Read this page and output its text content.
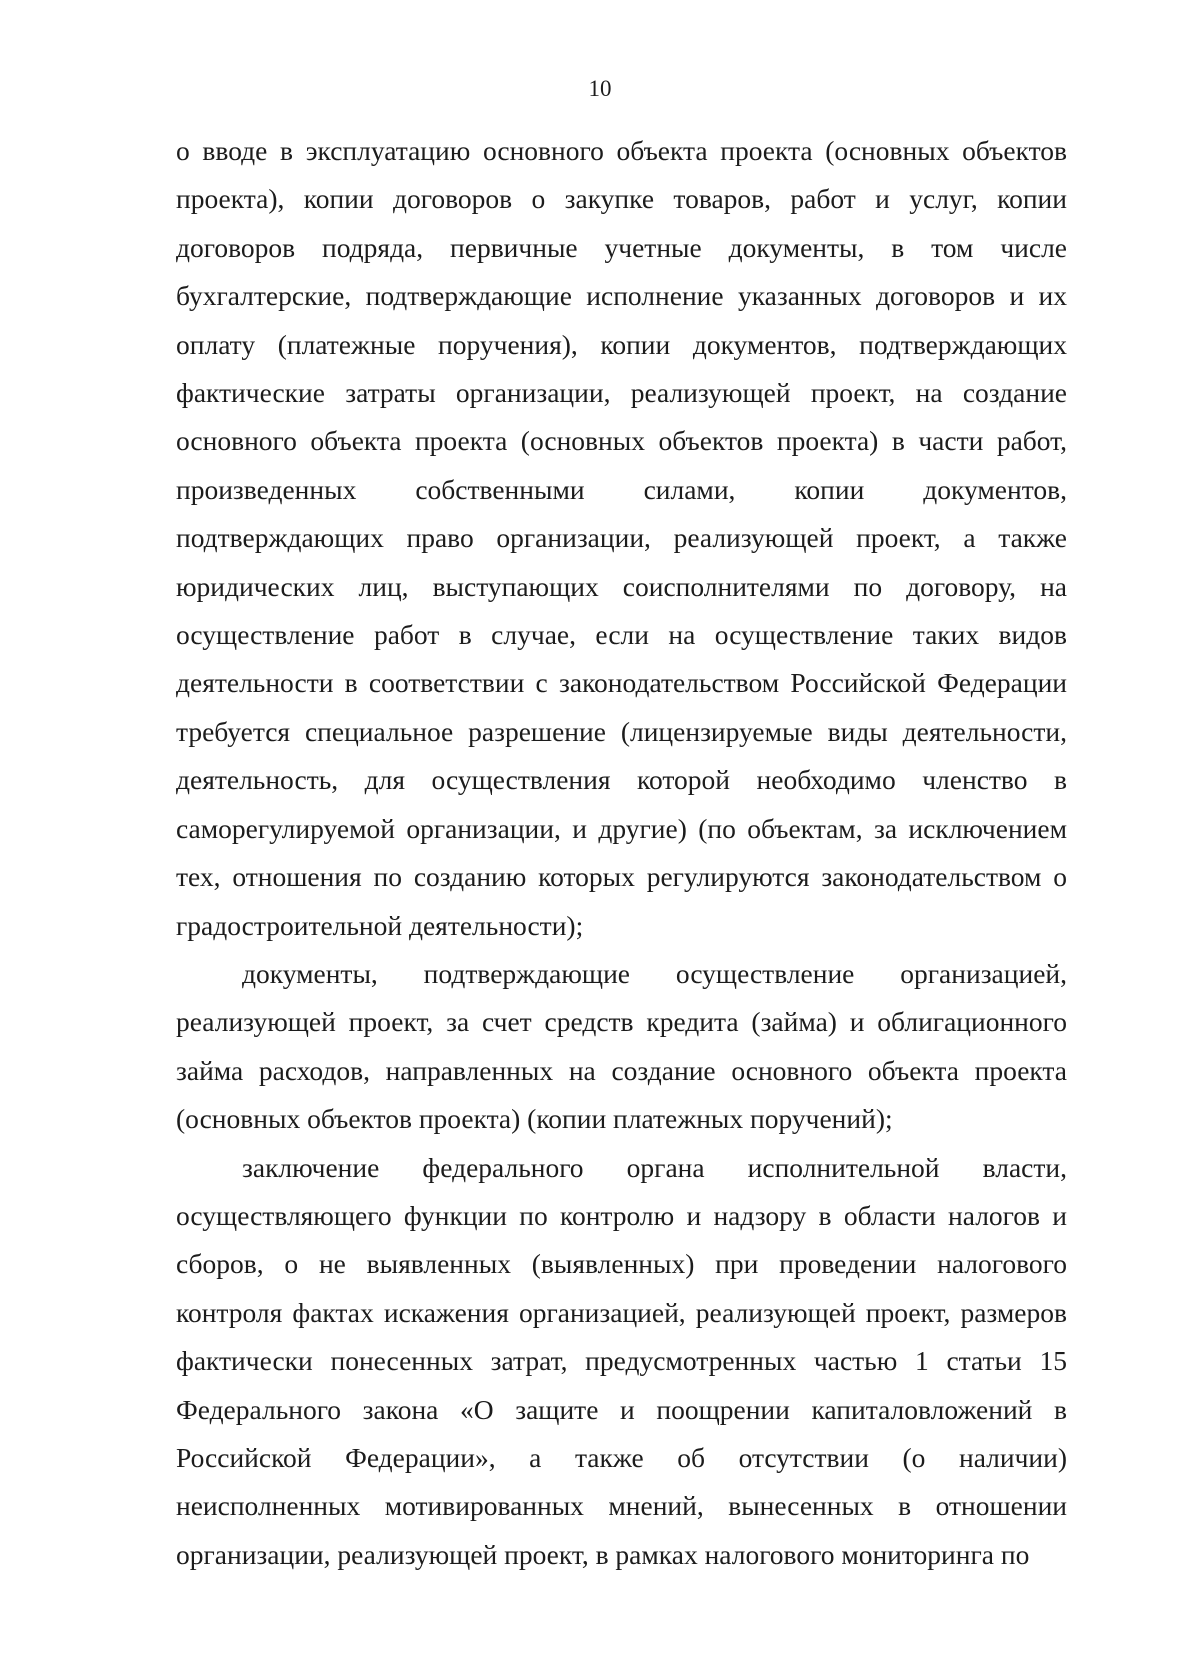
10

о вводе в эксплуатацию основного объекта проекта (основных объектов проекта), копии договоров о закупке товаров, работ и услуг, копии договоров подряда, первичные учетные документы, в том числе бухгалтерские, подтверждающие исполнение указанных договоров и их оплату (платежные поручения), копии документов, подтверждающих фактические затраты организации, реализующей проект, на создание основного объекта проекта (основных объектов проекта) в части работ, произведенных собственными силами, копии документов, подтверждающих право организации, реализующей проект, а также юридических лиц, выступающих соисполнителями по договору, на осуществление работ в случае, если на осуществление таких видов деятельности в соответствии с законодательством Российской Федерации требуется специальное разрешение (лицензируемые виды деятельности, деятельность, для осуществления которой необходимо членство в саморегулируемой организации, и другие) (по объектам, за исключением тех, отношения по созданию которых регулируются законодательством о градостроительной деятельности);

документы, подтверждающие осуществление организацией, реализующей проект, за счет средств кредита (займа) и облигационного займа расходов, направленных на создание основного объекта проекта (основных объектов проекта) (копии платежных поручений);

заключение федерального органа исполнительной власти, осуществляющего функции по контролю и надзору в области налогов и сборов, о не выявленных (выявленных) при проведении налогового контроля фактах искажения организацией, реализующей проект, размеров фактически понесенных затрат, предусмотренных частью 1 статьи 15 Федерального закона «О защите и поощрении капиталовложений в Российской Федерации», а также об отсутствии (о наличии) неисполненных мотивированных мнений, вынесенных в отношении организации, реализующей проект, в рамках налогового мониторинга по
